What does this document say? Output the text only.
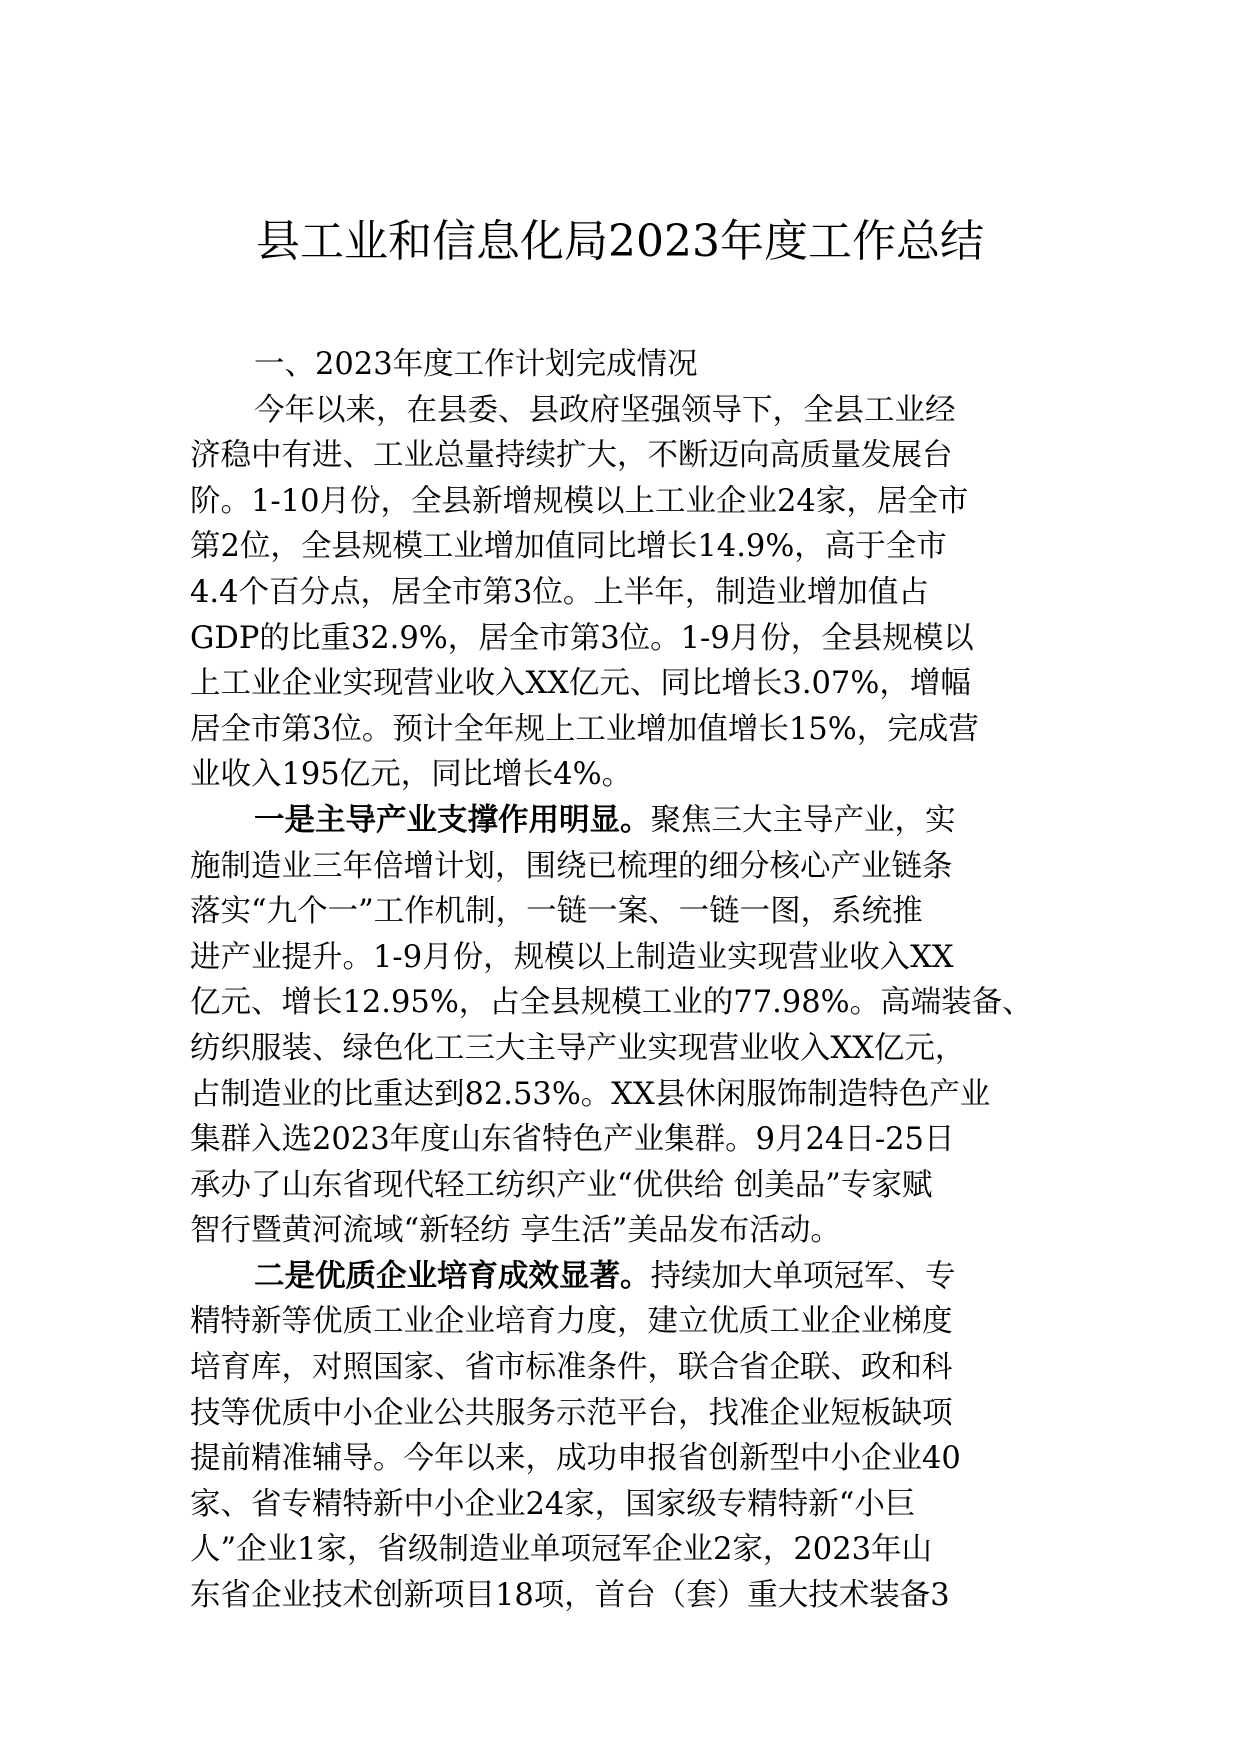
县工业和信息化局2023年度工作总结
一、2023年度工作计划完成情况
今年以来，在县委、县政府坚强领导下，全县工业经
济稳中有进、工业总量持续扩大，不断迈向高质量发展台
阶。1-10月份，全县新增规模以上工业企业24家，居全市
第2位，全县规模工业增加值同比增长14.9%，高于全市
4.4个百分点，居全市第3位。上半年，制造业增加值占
GDP的比重32.9%，居全市第3位。1-9月份，全县规模以
上工业企业实现营业收入XX亿元、同比增长3.07%，增幅
居全市第3位。预计全年规上工业增加值增长15%，完成营
业收入195亿元，同比增长4%。
一是主导产业支撑作用明显。聚焦三大主导产业，实
施制造业三年倍增计划，围绕已梳理的细分核心产业链条
落实“九个一”工作机制，一链一案、一链一图，系统推
进产业提升。1-9月份，规模以上制造业实现营业收入XX
亿元、增长12.95%，占全县规模工业的77.98%。高端装备、
纺织服装、绿色化工三大主导产业实现营业收入XX亿元，
占制造业的比重达到82.53%。XX县休闲服饰制造特色产业
集群入选2023年度山东省特色产业集群。9月24日-25日
承办了山东省现代轻工纺织产业“优供给 创美品”专家赋
智行暨黄河流域“新轻纺 享生活”美品发布活动。
二是优质企业培育成效显著。持续加大单项冠军、专
精特新等优质工业企业培育力度，建立优质工业企业梯度
培育库，对照国家、省市标准条件，联合省企联、政和科
技等优质中小企业公共服务示范平台，找准企业短板缺项
提前精准辅导。今年以来，成功申报省创新型中小企业40
家、省专精特新中小企业24家，国家级专精特新“小巨
人”企业1家，省级制造业单项冠军企业2家，2023年山
东省企业技术创新项目18项，首台（套）重大技术装备3
